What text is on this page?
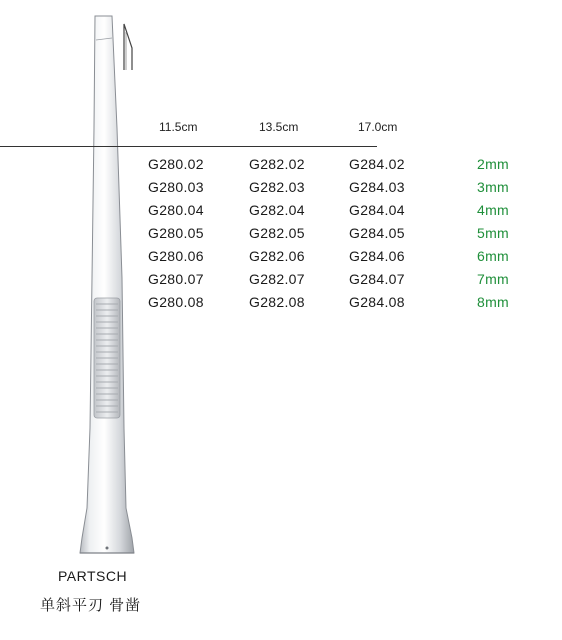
11.5cm	13.5cm	17.0cm
G280.02	G282.02	G284.02	2mm
G280.03	G282.03	G284.03	3mm
G280.04	G282.04	G284.04	4mm
G280.05	G282.05	G284.05	5mm
G280.06	G282.06	G284.06	6mm
G280.07	G282.07	G284.07	7mm
G280.08	G282.08	G284.08	8mm
PARTSCH
单斜平刃 骨凿
